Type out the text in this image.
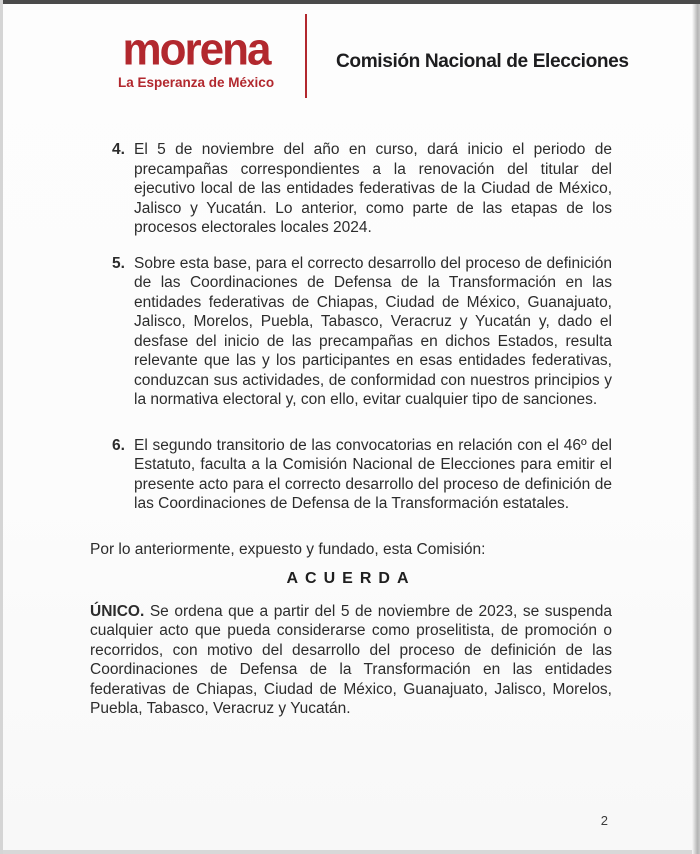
morena
La Esperanza de México
Comisión Nacional de Elecciones
4. El 5 de noviembre del año en curso, dará inicio el periodo de precampañas correspondientes a la renovación del titular del ejecutivo local de las entidades federativas de la Ciudad de México, Jalisco y Yucatán. Lo anterior, como parte de las etapas de los procesos electorales locales 2024.
5. Sobre esta base, para el correcto desarrollo del proceso de definición de las Coordinaciones de Defensa de la Transformación en las entidades federativas de Chiapas, Ciudad de México, Guanajuato, Jalisco, Morelos, Puebla, Tabasco, Veracruz y Yucatán y, dado el desfase del inicio de las precampañas en dichos Estados, resulta relevante que las y los participantes en esas entidades federativas, conduzcan sus actividades, de conformidad con nuestros principios y la normativa electoral y, con ello, evitar cualquier tipo de sanciones.
6. El segundo transitorio de las convocatorias en relación con el 46º del Estatuto, faculta a la Comisión Nacional de Elecciones para emitir el presente acto para el correcto desarrollo del proceso de definición de las Coordinaciones de Defensa de la Transformación estatales.

Por lo anteriormente, expuesto y fundado, esta Comisión:

ACUERDA

ÚNICO. Se ordena que a partir del 5 de noviembre de 2023, se suspenda cualquier acto que pueda considerarse como proselitista, de promoción o recorridos, con motivo del desarrollo del proceso de definición de las Coordinaciones de Defensa de la Transformación en las entidades federativas de Chiapas, Ciudad de México, Guanajuato, Jalisco, Morelos, Puebla, Tabasco, Veracruz y Yucatán.

2
